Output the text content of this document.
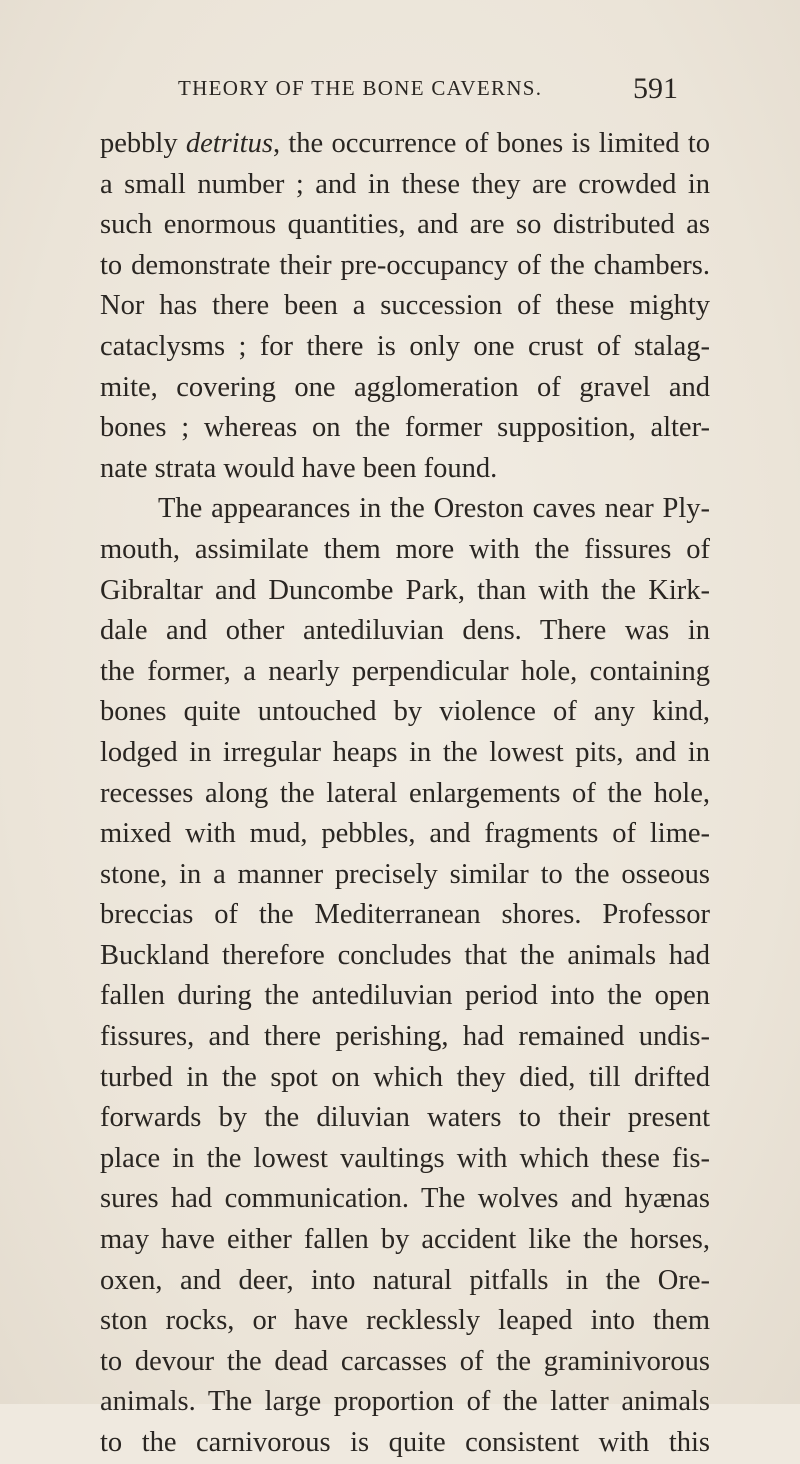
THEORY OF THE BONE CAVERNS.	591
pebbly detritus, the occurrence of bones is limited to
a small number ; and in these they are crowded in
such enormous quantities, and are so distributed as
to demonstrate their pre-occupancy of the chambers.
Nor has there been a succession of these mighty
cataclysms ; for there is only one crust of stalag-
mite, covering one agglomeration of gravel and
bones ; whereas on the former supposition, alter-
nate strata would have been found.
The appearances in the Oreston caves near Ply-
mouth, assimilate them more with the fissures of
Gibraltar and Duncombe Park, than with the Kirk-
dale and other antediluvian dens. There was in
the former, a nearly perpendicular hole, containing
bones quite untouched by violence of any kind,
lodged in irregular heaps in the lowest pits, and in
recesses along the lateral enlargements of the hole,
mixed with mud, pebbles, and fragments of lime-
stone, in a manner precisely similar to the osseous
breccias of the Mediterranean shores. Professor
Buckland therefore concludes that the animals had
fallen during the antediluvian period into the open
fissures, and there perishing, had remained undis-
turbed in the spot on which they died, till drifted
forwards by the diluvian waters to their present
place in the lowest vaultings with which these fis-
sures had communication. The wolves and hyænas
may have either fallen by accident like the horses,
oxen, and deer, into natural pitfalls in the Ore-
ston rocks, or have recklessly leaped into them
to devour the dead carcasses of the graminivorous
animals. The large proportion of the latter animals
to the carnivorous is quite consistent with this
